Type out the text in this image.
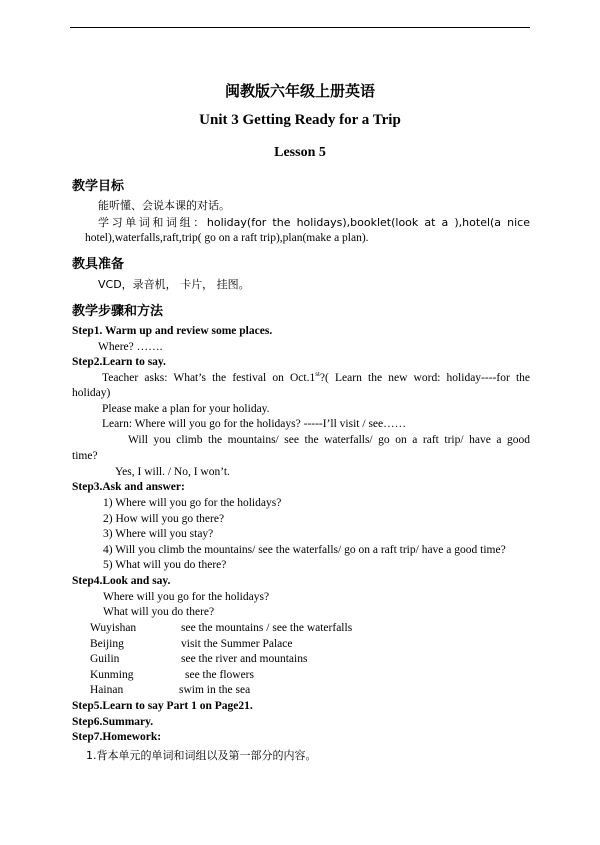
闽教版六年级上册英语
Unit 3 Getting Ready for a Trip
Lesson 5
教学目标
能听懂、会说本课的对话。
学习单词和词组：holiday(for the holidays),booklet(look at a ),hotel(a nice
hotel),waterfalls,raft,trip( go on a raft trip),plan(make a plan).
教具准备
VCD，录音机， 卡片， 挂图。
教学步骤和方法
Step1. Warm up and review some places.
Where? …….
Step2.Learn to say.
Teacher asks: What’s the festival on Oct.1st?( Learn the new word: holiday----for the
holiday)
Please make a plan for your holiday.
Learn: Where will you go for the holidays? -----I’ll visit / see……
Will you climb the mountains/ see the waterfalls/ go on a raft trip/ have a good
time?
Yes, I will. / No, I won’t.
Step3.Ask and answer:
1) Where will you go for the holidays?
2) How will you go there?
3) Where will you stay?
4) Will you climb the mountains/ see the waterfalls/ go on a raft trip/ have a good time?
5) What will you do there?
Step4.Look and say.
Where will you go for the holidays?
What will you do there?
Wuyishan	see the mountains / see the waterfalls
Beijing	visit the Summer Palace
Guilin	see the river and mountains
Kunming	see the flowers
Hainan	swim in the sea
Step5.Learn to say Part 1 on Page21.
Step6.Summary.
Step7.Homework:
1.背本单元的单词和词组以及第一部分的内容。
